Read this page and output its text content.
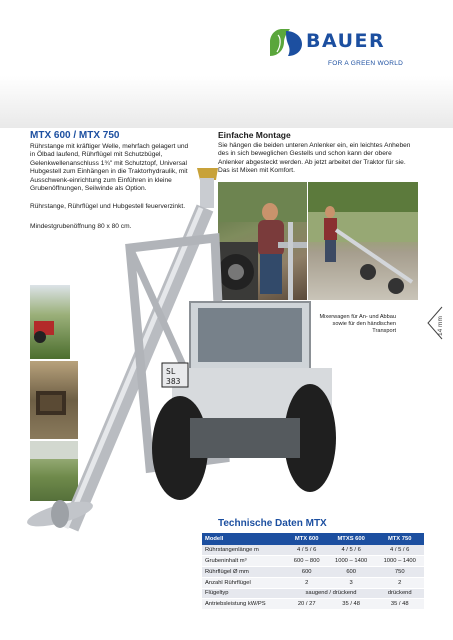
BAUER
FOR A GREEN WORLD
MTX 600 / MTX 750
Rührstange mit kräftiger Welle, mehrfach gelagert und in Ölbad laufend, Rührflügel mit Schutzbügel, Gelenkwellenanschluss 1¾" mit Schutztopf, Universal Hubgestell zum Einhängen in die Traktorhydraulik, mit Ausschwenk-einrichtung zum Einführen in kleine Grubenöffnungen, Seilwinde als Option.
Rührstange, Rührflügel und Hubgestell feuerverzinkt.
Mindestgrubenöffnung 80 x 80 cm.
Einfache Montage
Sie hängen die beiden unteren Anlenker ein, ein leichtes Anheben des in sich beweglichen Gestells und schon kann der obere Anlenker abgesteckt werden. Ab jetzt arbeitet der Traktor für sie. Das ist Mixen mit Komfort.
SL
383
Mixerwagen für An- und Abbau sowie für den händischen Transport	14 mm
Technische Daten MTX
Modell	MTX 600	MTXS 600	MTX 750
Rührstangenlänge m	4 / 5 / 6	4 / 5 / 6	4 / 5 / 6
Grubeninhalt m³	600 – 800	1000 – 1400	1000 – 1400
Rührflügel Ø mm	600	600	750
Anzahl Rührflügel	2	3	2
Flügeltyp	saugend / drückend		drückend
Antriebsleistung kW/PS	20 / 27	35 / 48	35 / 48
